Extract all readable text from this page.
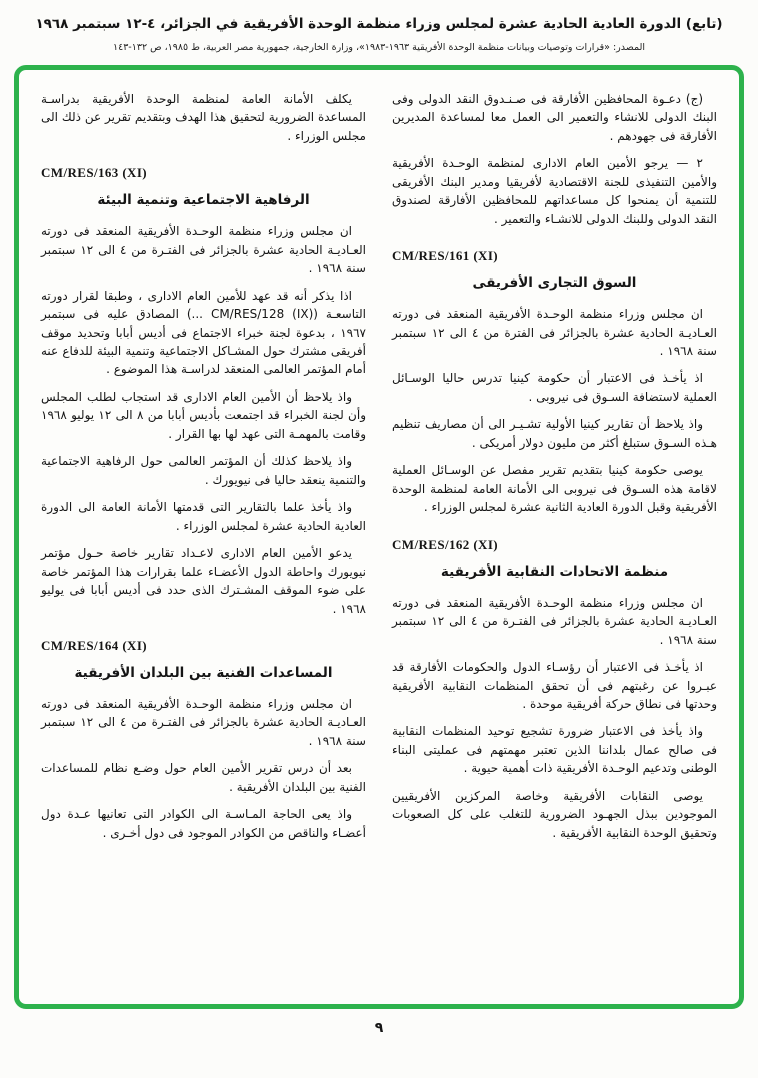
(تابع) الدورة العادية الحادية عشرة لمجلس وزراء منظمة الوحدة الأفريقية في الجزائر، ٤-١٢ سبتمبر ١٩٦٨
المصدر: «قرارات وتوصيات وبيانات منظمة الوحدة الأفريقية ١٩٦٣-١٩٨٣»، وزارة الخارجية، جمهورية مصر العربية، ط ١٩٨٥، ص ١٣٢-١٤٣

(ج) دعـوة المحافظين الأفارقة فى صـنـدوق النقد الدولى وفى البنك الدولى للانشاء والتعمير الى العمل معا لمساعدة المديرين الأفارقة فى جهودهم .

٢ — يرجو الأمين العام الادارى لمنظمة الوحـدة الأفريقية والأمين التنفيذى للجنة الاقتصادية لأفريقيا ومدير البنك الأفريقى للتنمية أن يمنحوا كل مساعداتهم للمحافظين الأفارقة لصندوق النقد الدولى وللبنك الدولى للانشـاء والتعمير .

CM/RES/161 (XI)

السوق التجارى الأفريقى

ان مجلس وزراء منظمة الوحـدة الأفريقية المنعقد فى دورته العـاديـة الحادية عشرة بالجزائر فى الفترة من ٤ الى ١٢ سبتمبر سنة ١٩٦٨ .

اذ يأخـذ فى الاعتبار أن حكومة كينيا تدرس حاليا الوسـائل العملية لاستضافة السـوق فى نيروبى .

واذ يلاحظ أن تقارير كينيا الأولية تشـيـر الى أن مصاريف تنظيم هـذه السـوق ستبلغ أكثر من مليون دولار أمريكى .

يوصى حكومة كينيا بتقديم تقرير مفصل عن الوسـائل العملية لاقامة هذه السـوق فى نيروبى الى الأمانة العامة لمنظمة الوحدة الأفريقية وقبل الدورة العادية الثانية عشرة لمجلس الوزراء .

CM/RES/162 (XI)

منظمة الاتحادات النقابية الأفريقية

ان مجلس وزراء منظمة الوحـدة الأفريقية المنعقد فى دورته العـاديـة الحادية عشرة بالجزائر فى الفتـرة من ٤ الى ١٢ سبتمبر سنة ١٩٦٨ .

اذ يأخـذ فى الاعتبار أن رؤسـاء الدول والحكومات الأفارقة قد عبـروا عن رغبتهم فى أن تحقق المنظمات النقابية الأفريقية وحدتها فى نطاق حركة أفريقية موحدة .

واذ يأخذ فى الاعتبار ضرورة تشجيع توحيد المنظمات النقابية فى صالح عمال بلداننا الذين تعتبر مهمتهم فى عمليتى البناء الوطنى وتدعيم الوحـدة الأفريقية ذات أهمية حيوية .

يوصى النقابات الأفريقية وخاصة المركزين الأفريقيين الموجودين ببذل الجهـود الضرورية للتغلب على كل الصعوبات وتحقيق الوحدة النقابية الأفريقية .

يكلف الأمانة العامة لمنظمة الوحدة الأفريقية بدراسـة المساعدة الضرورية لتحقيق هذا الهدف وبتقديم تقرير عن ذلك الى مجلس الوزراء .

CM/RES/163 (XI)

الرفاهية الاجتماعية وتنمية البيئة

ان مجلس وزراء منظمة الوحـدة الأفريقية المنعقد فى دورته العـاديـة الحادية عشرة بالجزائر فى الفتـرة من ٤ الى ١٢ سبتمبر سنة ١٩٦٨ .

اذا يذكر أنه قد عهد للأمين العام الادارى ، وطبقا لقرار دورته التاسعـة (CM/RES/128 (IX) ...) المصادق عليه فى سبتمبر ١٩٦٧ ، بدعوة لجنة خبراء الاجتماع فى أديس أبابا وتحديد موقف أفريقى مشترك حول المشـاكل الاجتماعية وتنمية البيئة للدفاع عنه أمام المؤتمر العالمى المنعقد لدراسـة هذا الموضوع .

واذ يلاحظ أن الأمين العام الادارى قد استجاب لطلب المجلس وأن لجنة الخبراء قد اجتمعت بأديس أبابا من ٨ الى ١٢ يوليو ١٩٦٨ وقامت بالمهمـة التى عهد لها بها القرار .

واذ يلاحظ كذلك أن المؤتمر العالمى حول الرفاهية الاجتماعية والتنمية ينعقد حاليا فى نيويورك .

واذ يأخذ علما بالتقارير التى قدمتها الأمانة العامة الى الدورة العادية الحادية عشرة لمجلس الوزراء .

يدعو الأمين العام الادارى لاعـداد تقارير خاصة حـول مؤتمر نيويورك واحاطة الدول الأعضـاء علما بقرارات هذا المؤتمر خاصة على ضوء الموقف المشـترك الذى حدد فى أديس أبابا فى يوليو ١٩٦٨ .

CM/RES/164 (XI)

المساعدات الفنية بين البلدان الأفريقية

ان مجلس وزراء منظمة الوحـدة الأفريقية المنعقد فى دورته العـاديـة الحادية عشرة بالجزائر فى الفتـرة من ٤ الى ١٢ سبتمبر سنة ١٩٦٨ .

بعد أن درس تقرير الأمين العام حول وضـع نظام للمساعدات الفنية بين البلدان الأفريقية .

واذ يعى الحاجة المـاسـة الى الكوادر التى تعانيها عـدة دول أعضـاء والناقص من الكوادر الموجود فى دول أخـرى .

٩
